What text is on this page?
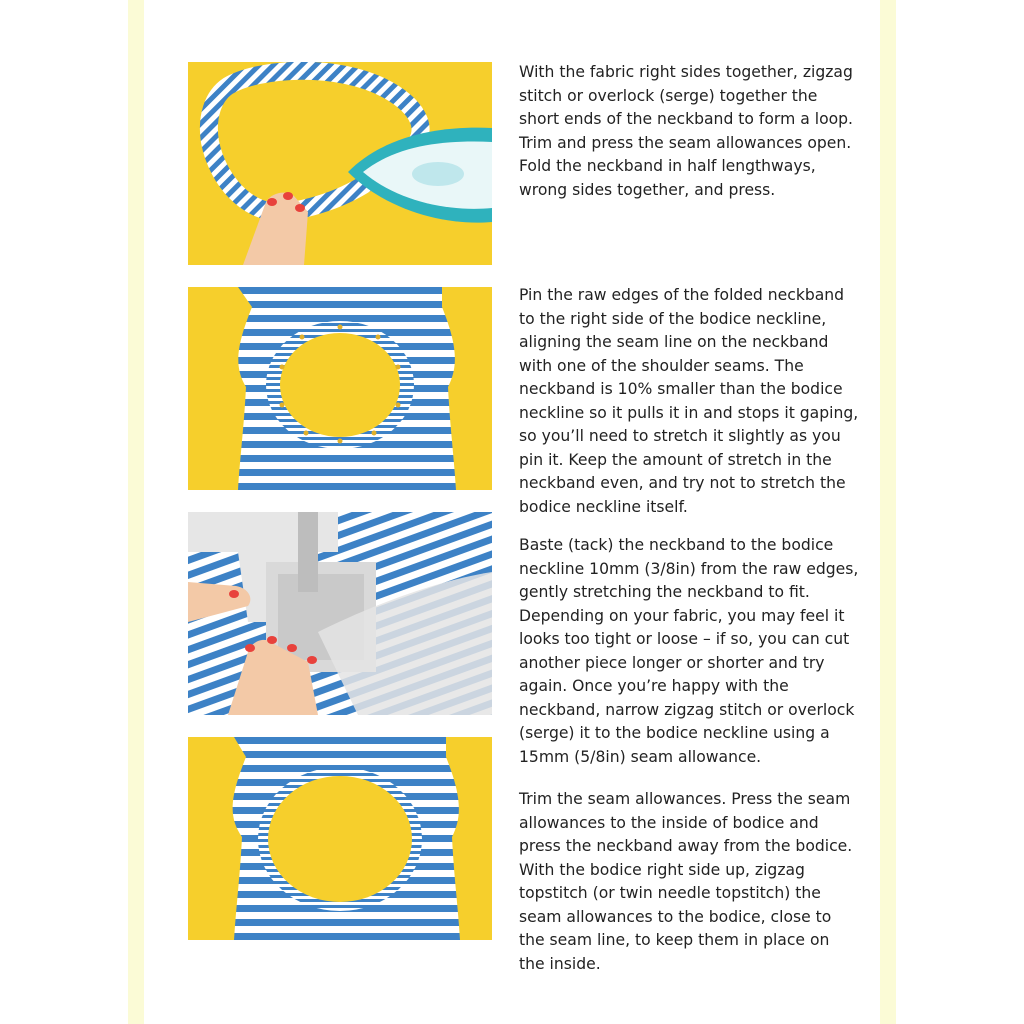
With the fabric right sides together, zigzag stitch or overlock (serge) together the short ends of the neckband to form a loop. Trim and press the seam allowances open. Fold the neckband in half lengthways, wrong sides together, and press.

Pin the raw edges of the folded neckband to the right side of the bodice neckline, aligning the seam line on the neckband with one of the shoulder seams. The neckband is 10% smaller than the bodice neckline so it pulls it in and stops it gaping, so you’ll need to stretch it slightly as you pin it. Keep the amount of stretch in the neckband even, and try not to stretch the bodice neckline itself.

Baste (tack) the neckband to the bodice neckline 10mm (3/8in) from the raw edges, gently stretching the neckband to fit. Depending on your fabric, you may feel it looks too tight or loose – if so, you can cut another piece longer or shorter and try again. Once you’re happy with the neckband, narrow zigzag stitch or overlock (serge) it to the bodice neckline using a 15mm (5/8in) seam allowance.

Trim the seam allowances. Press the seam allowances to the inside of bodice and press the neckband away from the bodice. With the bodice right side up, zigzag topstitch (or twin needle topstitch) the seam allowances to the bodice, close to the seam line, to keep them in place on the inside.
